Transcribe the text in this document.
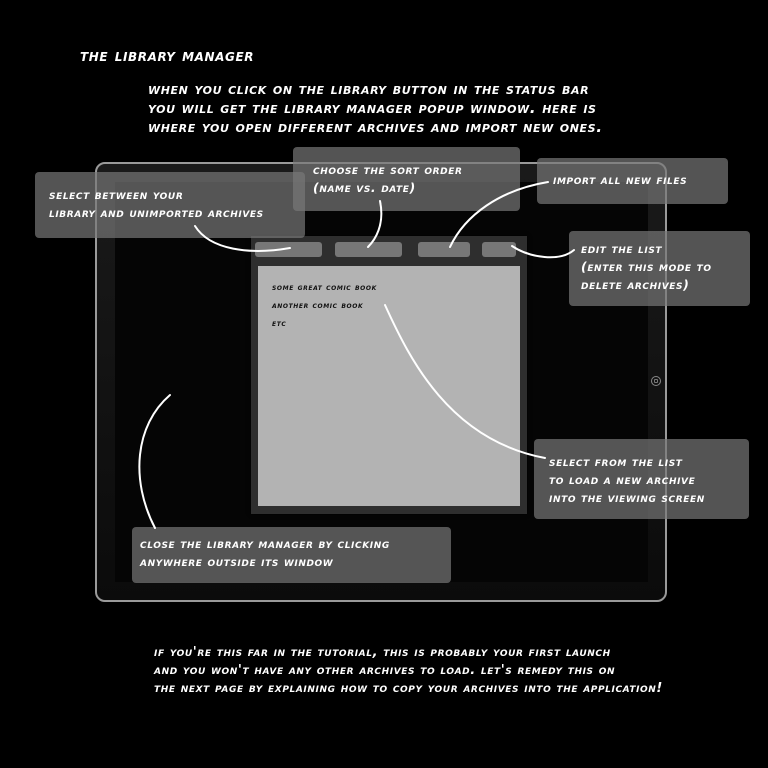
the library manager
when you click on the library button in the status bar
you will get the library manager popup window. here is
where you open different archives and import new ones.
some great comic book
another comic book
etc
select between your
library and unimported archives
choose the sort order
(name vs. date)
import all new files
edit the list
(enter this mode to
delete archives)
select from the list
to load a new archive
into the viewing screen
close the library manager by clicking
anywhere outside its window
if you're this far in the tutorial, this is probably your first launch
and you won't have any other archives to load. let's remedy this on
the next page by explaining how to copy your archives into the application!
